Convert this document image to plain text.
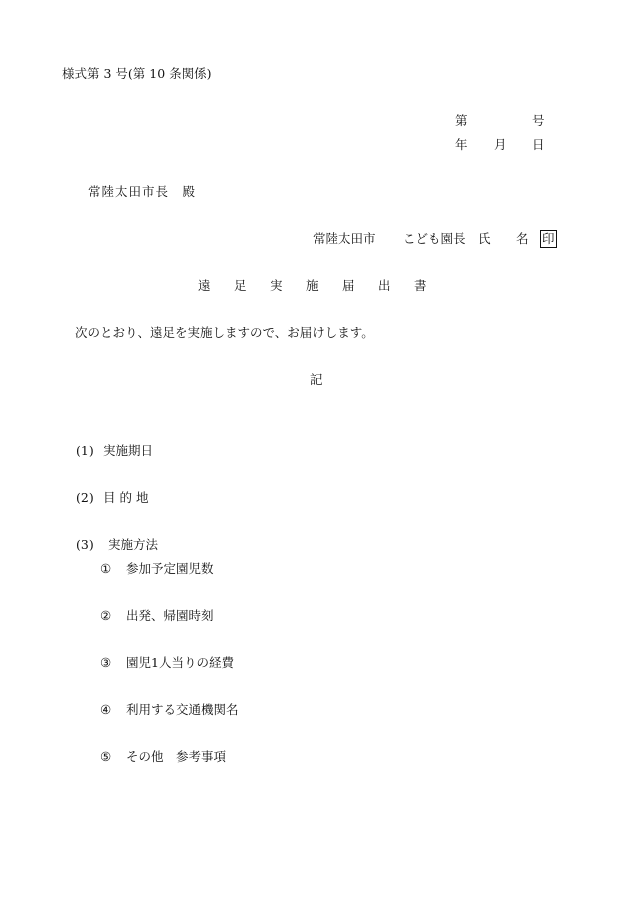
様式第 3 号(第 10 条関係)
第	号
年 月 日
常陸太田市長　殿
常陸太田市 こども園長 氏 名 印
遠足実施届出書
次のとおり、遠足を実施しますので、お届けします。
記
(1) 実施期日
(2) 目 的 地
(3) 実施方法
① 参加予定園児数
② 出発、帰園時刻
③ 園児1人当りの経費
④ 利用する交通機関名
⑤ その他　参考事項
